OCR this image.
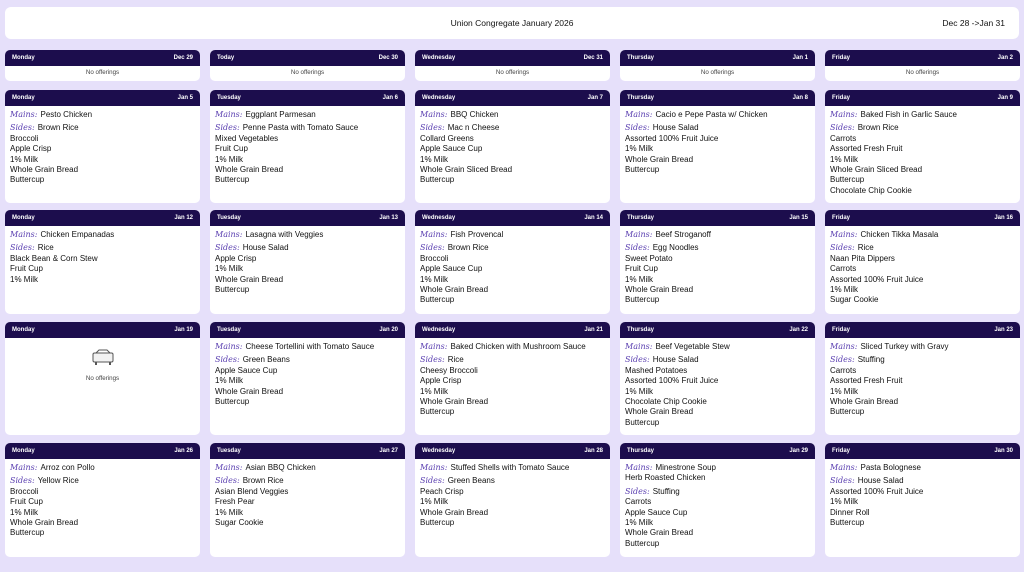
Union Congregate January 2026	Dec 28 ->Jan 31
Monday	Dec 29
No offerings
Today	Dec 30
No offerings
Wednesday	Dec 31
No offerings
Thursday	Jan 1
No offerings
Friday	Jan 2
No offerings
Monday	Jan 5
Mains: Pesto Chicken
Sides: Brown Rice
Broccoli
Apple Crisp
1% Milk
Whole Grain Bread
Buttercup
Tuesday	Jan 6
Mains: Eggplant Parmesan
Sides: Penne Pasta with Tomato Sauce
Mixed Vegetables
Fruit Cup
1% Milk
Whole Grain Bread
Buttercup
Wednesday	Jan 7
Mains: BBQ Chicken
Sides: Mac n Cheese
Collard Greens
Apple Sauce Cup
1% Milk
Whole Grain Sliced Bread
Buttercup
Thursday	Jan 8
Mains: Cacio e Pepe Pasta w/ Chicken
Sides: House Salad
Assorted 100% Fruit Juice
1% Milk
Whole Grain Bread
Buttercup
Friday	Jan 9
Mains: Baked Fish in Garlic Sauce
Sides: Brown Rice
Carrots
Assorted Fresh Fruit
1% Milk
Whole Grain Sliced Bread
Buttercup
Chocolate Chip Cookie
Monday	Jan 12
Mains: Chicken Empanadas
Sides: Rice
Black Bean & Corn Stew
Fruit Cup
1% Milk
Tuesday	Jan 13
Mains: Lasagna with Veggies
Sides: House Salad
Apple Crisp
1% Milk
Whole Grain Bread
Buttercup
Wednesday	Jan 14
Mains: Fish Provencal
Sides: Brown Rice
Broccoli
Apple Sauce Cup
1% Milk
Whole Grain Bread
Buttercup
Thursday	Jan 15
Mains: Beef Stroganoff
Sides: Egg Noodles
Sweet Potato
Fruit Cup
1% Milk
Whole Grain Bread
Buttercup
Friday	Jan 16
Mains: Chicken Tikka Masala
Sides: Rice
Naan Pita Dippers
Carrots
Assorted 100% Fruit Juice
1% Milk
Sugar Cookie
Monday	Jan 19
No offerings
Tuesday	Jan 20
Mains: Cheese Tortellini with Tomato Sauce
Sides: Green Beans
Apple Sauce Cup
1% Milk
Whole Grain Bread
Buttercup
Wednesday	Jan 21
Mains: Baked Chicken with Mushroom Sauce
Sides: Rice
Cheesy Broccoli
Apple Crisp
1% Milk
Whole Grain Bread
Buttercup
Thursday	Jan 22
Mains: Beef Vegetable Stew
Sides: House Salad
Mashed Potatoes
Assorted 100% Fruit Juice
1% Milk
Chocolate Chip Cookie
Whole Grain Bread
Buttercup
Friday	Jan 23
Mains: Sliced Turkey with Gravy
Sides: Stuffing
Carrots
Assorted Fresh Fruit
1% Milk
Whole Grain Bread
Buttercup
Monday	Jan 26
Mains: Arroz con Pollo
Sides: Yellow Rice
Broccoli
Fruit Cup
1% Milk
Whole Grain Bread
Buttercup
Tuesday	Jan 27
Mains: Asian BBQ Chicken
Sides: Brown Rice
Asian Blend Veggies
Fresh Pear
1% Milk
Sugar Cookie
Wednesday	Jan 28
Mains: Stuffed Shells with Tomato Sauce
Sides: Green Beans
Peach Crisp
1% Milk
Whole Grain Bread
Buttercup
Thursday	Jan 29
Mains: Minestrone Soup
Herb Roasted Chicken
Sides: Stuffing
Carrots
Apple Sauce Cup
1% Milk
Whole Grain Bread
Buttercup
Friday	Jan 30
Mains: Pasta Bolognese
Sides: House Salad
Assorted 100% Fruit Juice
1% Milk
Dinner Roll
Buttercup
